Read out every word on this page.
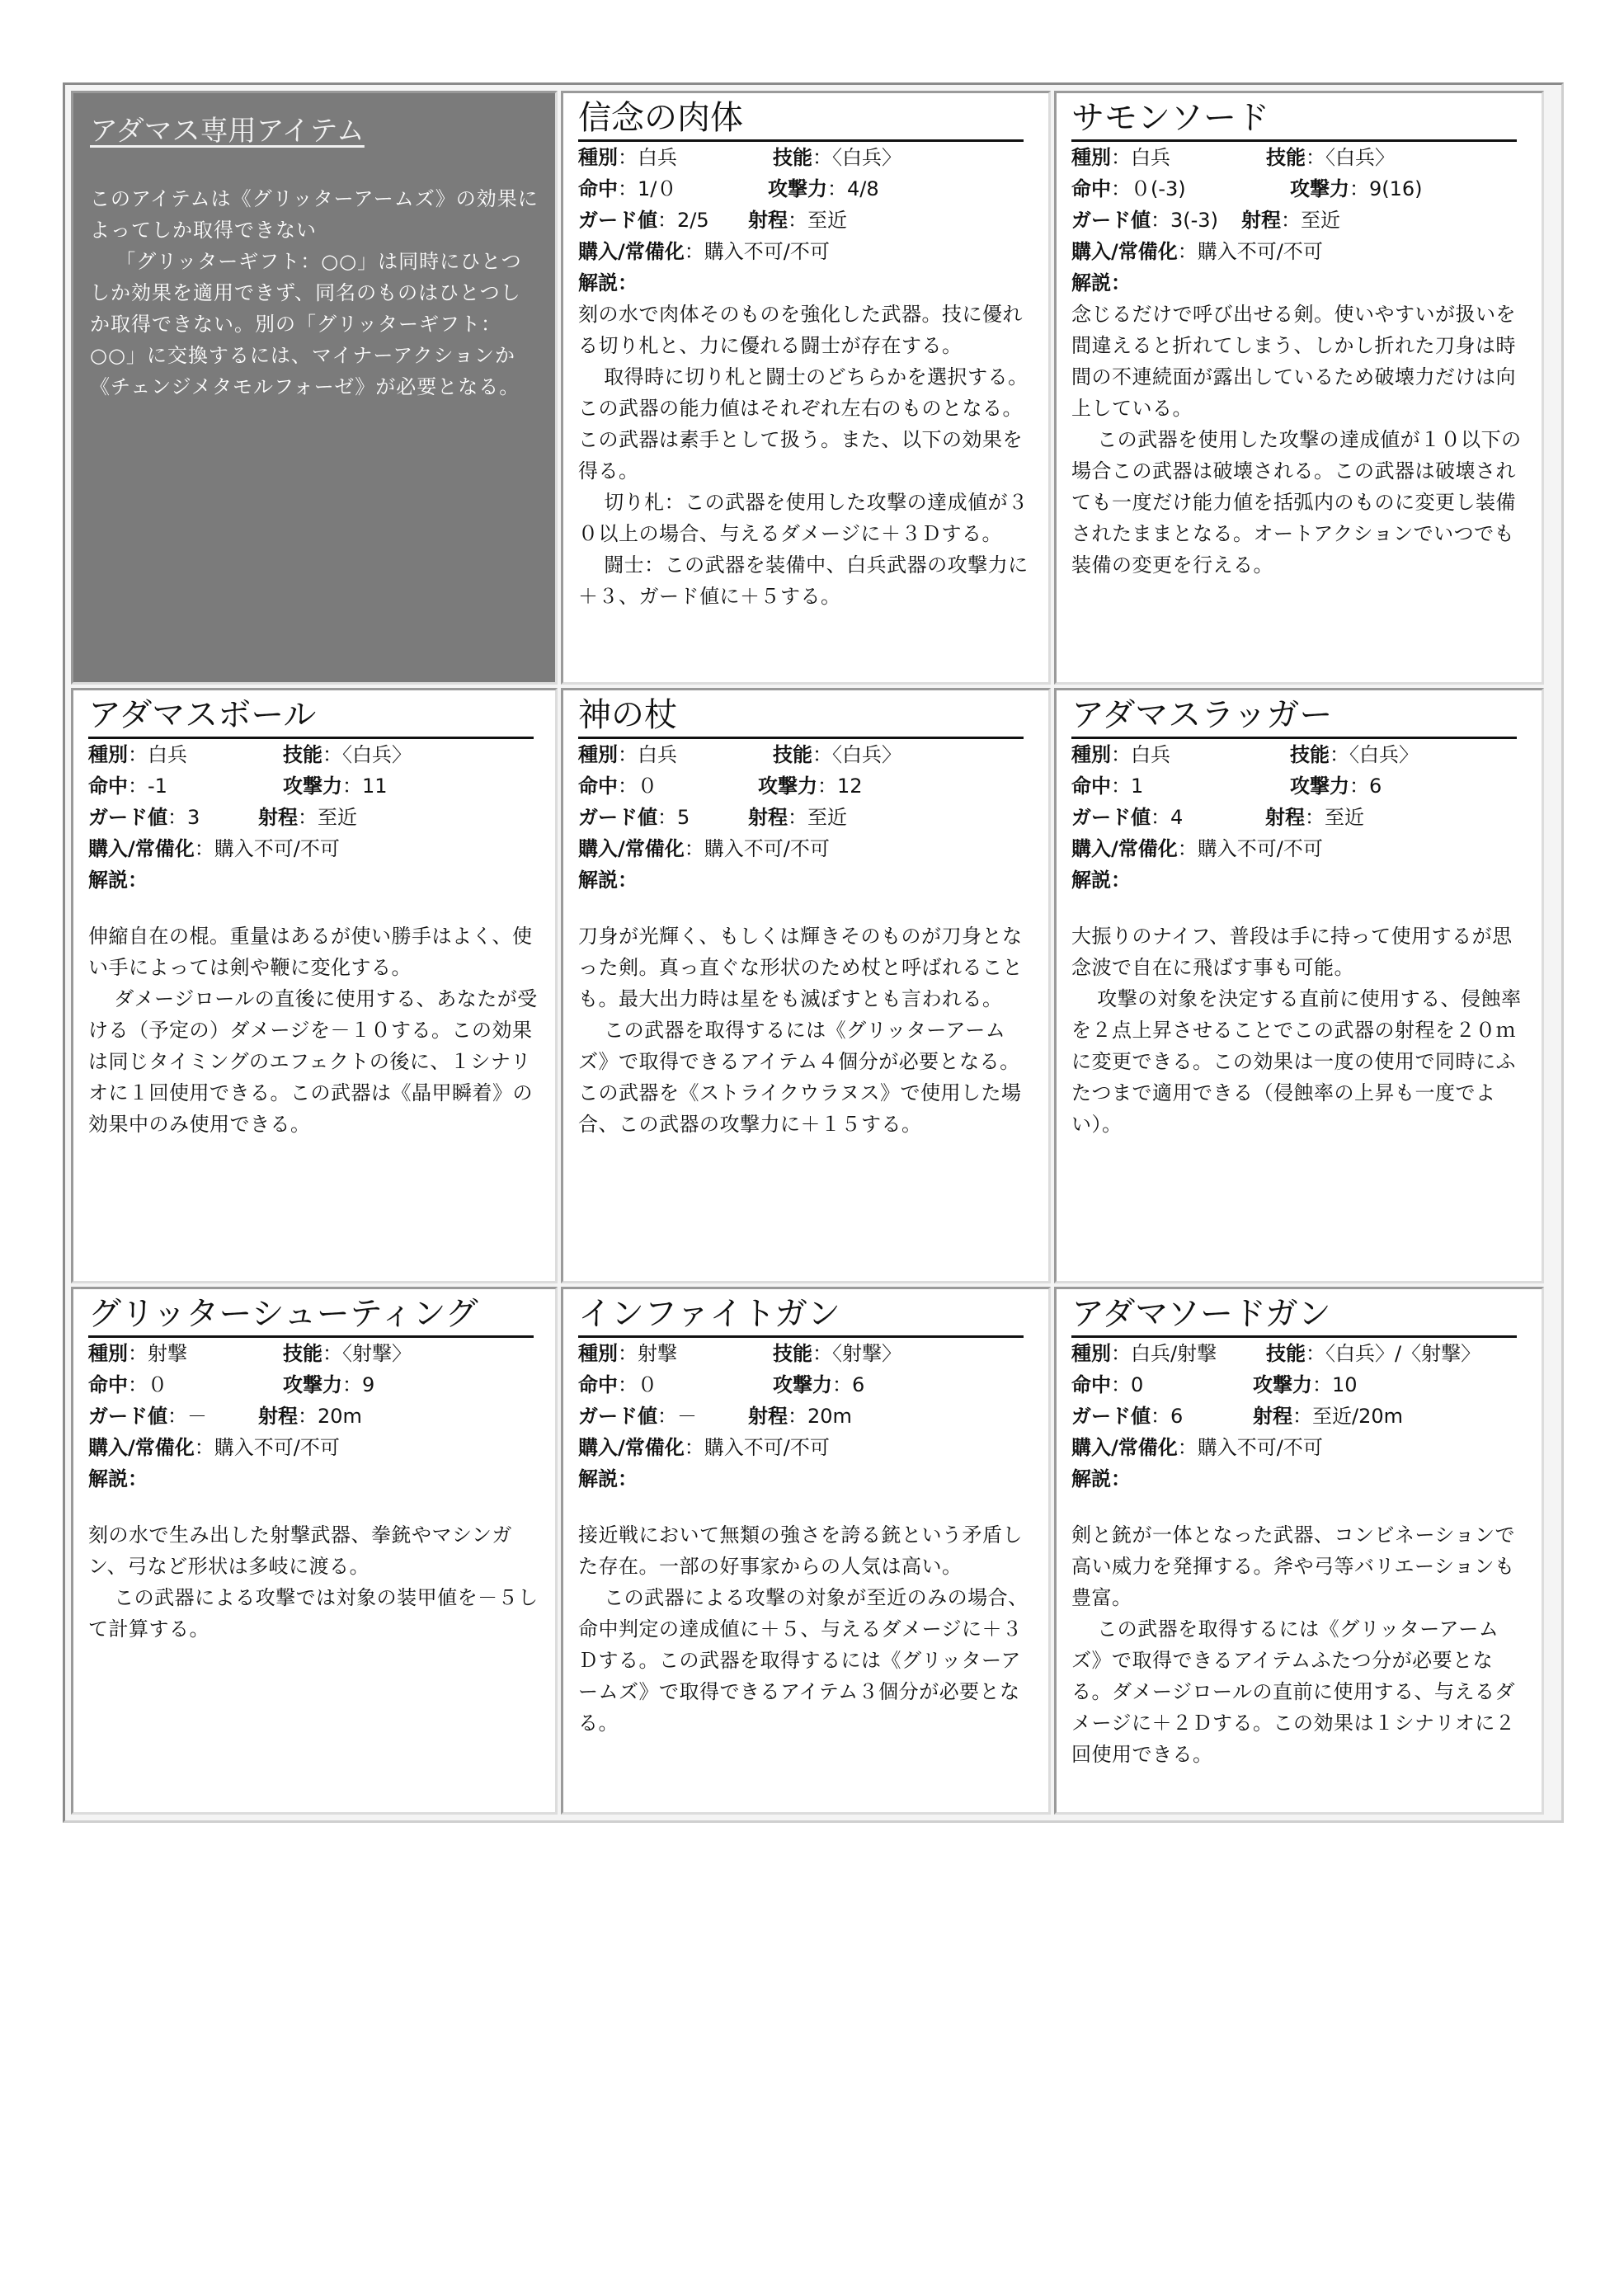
アダマス専用アイテム

このアイテムは《グリッターアームズ》の効果によってしか取得できない

「グリッターギフト：○○」は同時にひとつしか効果を適用できず、同名のものはひとつしか取得できない。別の「グリッターギフト：○○」に交換するには、マイナーアクションか《チェンジメタモルフォーゼ》が必要となる。

信念の肉体
種別：白兵	技能：〈白兵〉
命中：1/０	攻撃力：4/8
ガード値：2/5 射程：至近
購入/常備化：購入不可/不可
解説：

刻の水で肉体そのものを強化した武器。技に優れる切り札と、力に優れる闘士が存在する。

取得時に切り札と闘士のどちらかを選択する。この武器の能力値はそれぞれ左右のものとなる。この武器は素手として扱う。また、以下の効果を得る。

切り札：この武器を使用した攻撃の達成値が３０以上の場合、与えるダメージに＋３Ｄする。

闘士：この武器を装備中、白兵武器の攻撃力に＋３、ガード値に＋５する。

サモンソード
種別：白兵	技能：〈白兵〉
命中：０(-3)	攻撃力：9(16)
ガード値：3(-3) 射程：至近
購入/常備化：購入不可/不可
解説：

念じるだけで呼び出せる剣。使いやすいが扱いを間違えると折れてしまう、しかし折れた刀身は時間の不連続面が露出しているため破壊力だけは向上している。

この武器を使用した攻撃の達成値が１０以下の場合この武器は破壊される。この武器は破壊されても一度だけ能力値を括弧内のものに変更し装備されたままとなる。オートアクションでいつでも装備の変更を行える。

アダマスボール
種別：白兵	技能：〈白兵〉
命中：-1	攻撃力：11
ガード値：3	射程：至近
購入/常備化：購入不可/不可
解説：

伸縮自在の棍。重量はあるが使い勝手はよく、使い手によっては剣や鞭に変化する。

ダメージロールの直後に使用する、あなたが受ける（予定の）ダメージを－１０する。この効果は同じタイミングのエフェクトの後に、１シナリオに１回使用できる。この武器は《晶甲瞬着》の効果中のみ使用できる。

神の杖
種別：白兵	技能：〈白兵〉
命中：０	攻撃力：12
ガード値：5	射程：至近
購入/常備化：購入不可/不可
解説：

刀身が光輝く、もしくは輝きそのものが刀身となった剣。真っ直ぐな形状のため杖と呼ばれることも。最大出力時は星をも滅ぼすとも言われる。

この武器を取得するには《グリッターアームズ》で取得できるアイテム４個分が必要となる。この武器を《ストライクウラヌス》で使用した場合、この武器の攻撃力に＋１５する。

アダマスラッガー
種別：白兵	技能：〈白兵〉
命中：1	攻撃力：6
ガード値：4	射程：至近
購入/常備化：購入不可/不可
解説：

大振りのナイフ、普段は手に持って使用するが思念波で自在に飛ばす事も可能。

攻撃の対象を決定する直前に使用する、侵蝕率を２点上昇させることでこの武器の射程を２０ｍに変更できる。この効果は一度の使用で同時にふたつまで適用できる（侵蝕率の上昇も一度でよい）。

グリッターシューティング
種別：射撃	技能：〈射撃〉
命中：０	攻撃力：9
ガード値：－	射程：20m
購入/常備化：購入不可/不可
解説：

刻の水で生み出した射撃武器、拳銃やマシンガン、弓など形状は多岐に渡る。

この武器による攻撃では対象の装甲値を－５して計算する。

インファイトガン
種別：射撃	技能：〈射撃〉
命中：０	攻撃力：6
ガード値：－	射程：20m
購入/常備化：購入不可/不可
解説：

接近戦において無類の強さを誇る銃という矛盾した存在。一部の好事家からの人気は高い。

この武器による攻撃の対象が至近のみの場合、命中判定の達成値に＋５、与えるダメージに＋３Ｄする。この武器を取得するには《グリッターアームズ》で取得できるアイテム３個分が必要となる。

アダマソードガン
種別：白兵/射撃 技能：〈白兵〉/〈射撃〉
命中：0	攻撃力：10
ガード値：6	射程：至近/20m
購入/常備化：購入不可/不可
解説：

剣と銃が一体となった武器、コンビネーションで高い威力を発揮する。斧や弓等バリエーションも豊富。

この武器を取得するには《グリッターアームズ》で取得できるアイテムふたつ分が必要となる。ダメージロールの直前に使用する、与えるダメージに＋２Ｄする。この効果は１シナリオに２回使用できる。
